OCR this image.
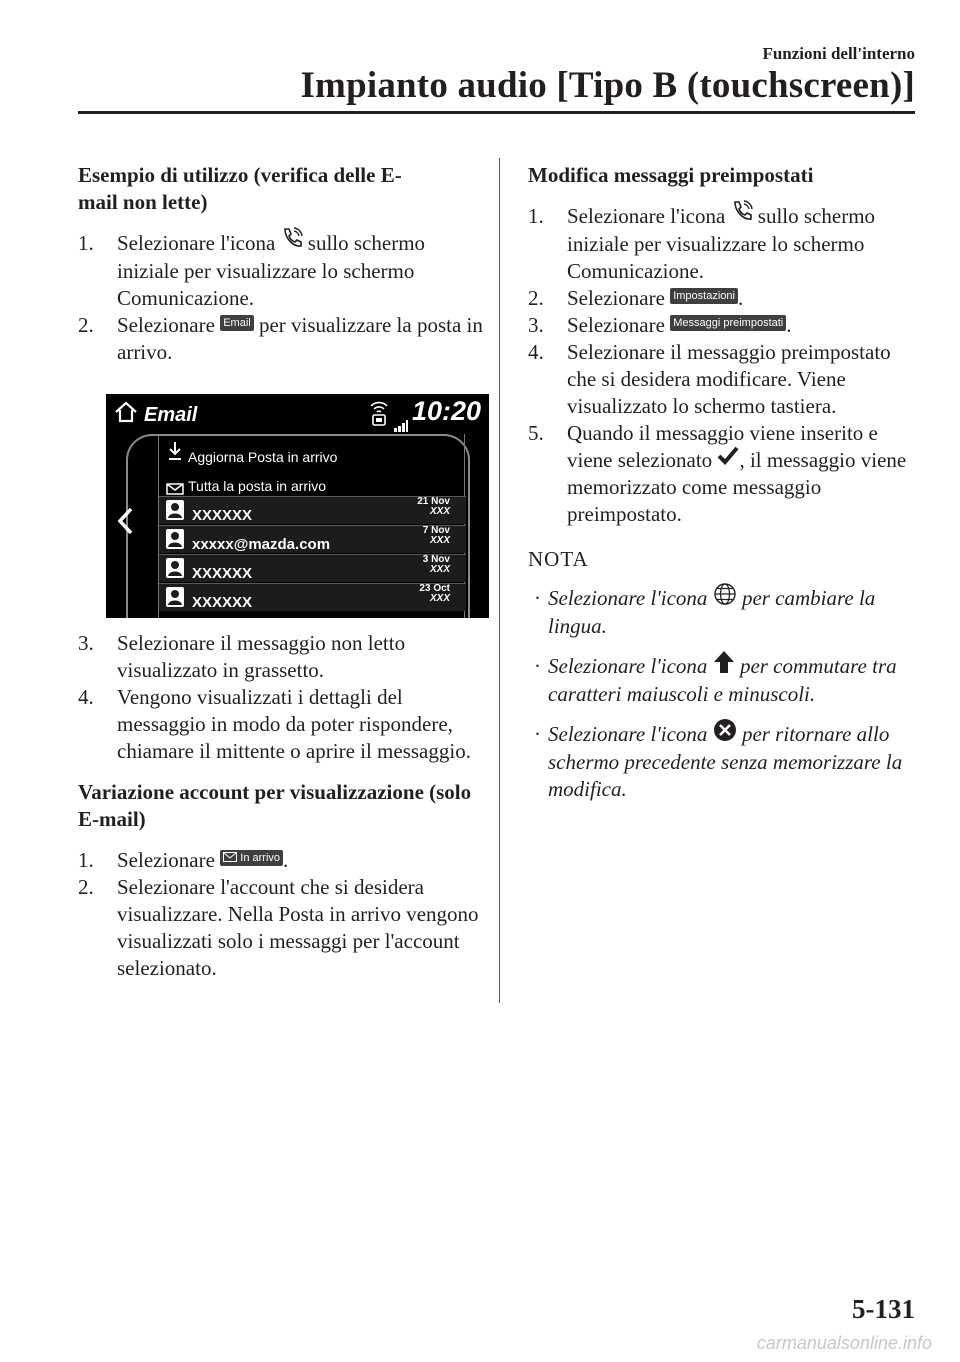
Funzioni dell'interno
Impianto audio [Tipo B (touchscreen)]

Esempio di utilizzo (verifica delle E-mail non lette)

1. Selezionare l'icona sullo schermo iniziale per visualizzare lo schermo Comunicazione.

2. Selezionare Email per visualizzare la posta in arrivo.

Email	10:20
Aggiorna Posta in arrivo
Tutta la posta in arrivo
XXXXXX
21 Nov
XXX
xxxxx@mazda.com
7 Nov
XXX
XXXXXX
3 Nov
XXX
XXXXXX
23 Oct
XXX

3. Selezionare il messaggio non letto visualizzato in grassetto.

4. Vengono visualizzati i dettagli del messaggio in modo da poter rispondere, chiamare il mittente o aprire il messaggio.

Variazione account per visualizzazione (solo E-mail)

1. Selezionare In arrivo .

2. Selezionare l'account che si desidera visualizzare. Nella Posta in arrivo vengono visualizzati solo i messaggi per l'account selezionato.

Modifica messaggi preimpostati

1. Selezionare l'icona sullo schermo iniziale per visualizzare lo schermo Comunicazione.

2. Selezionare Impostazioni .

3. Selezionare Messaggi preimpostati .

4. Selezionare il messaggio preimpostato che si desidera modificare. Viene visualizzato lo schermo tastiera.

5. Quando il messaggio viene inserito e viene selezionato , il messaggio viene memorizzato come messaggio preimpostato.

NOTA

· Selezionare l'icona per cambiare la lingua.

· Selezionare l'icona per commutare tra caratteri maiuscoli e minuscoli.

· Selezionare l'icona per ritornare allo schermo precedente senza memorizzare la modifica.

5-131
carmanualsonline.info
